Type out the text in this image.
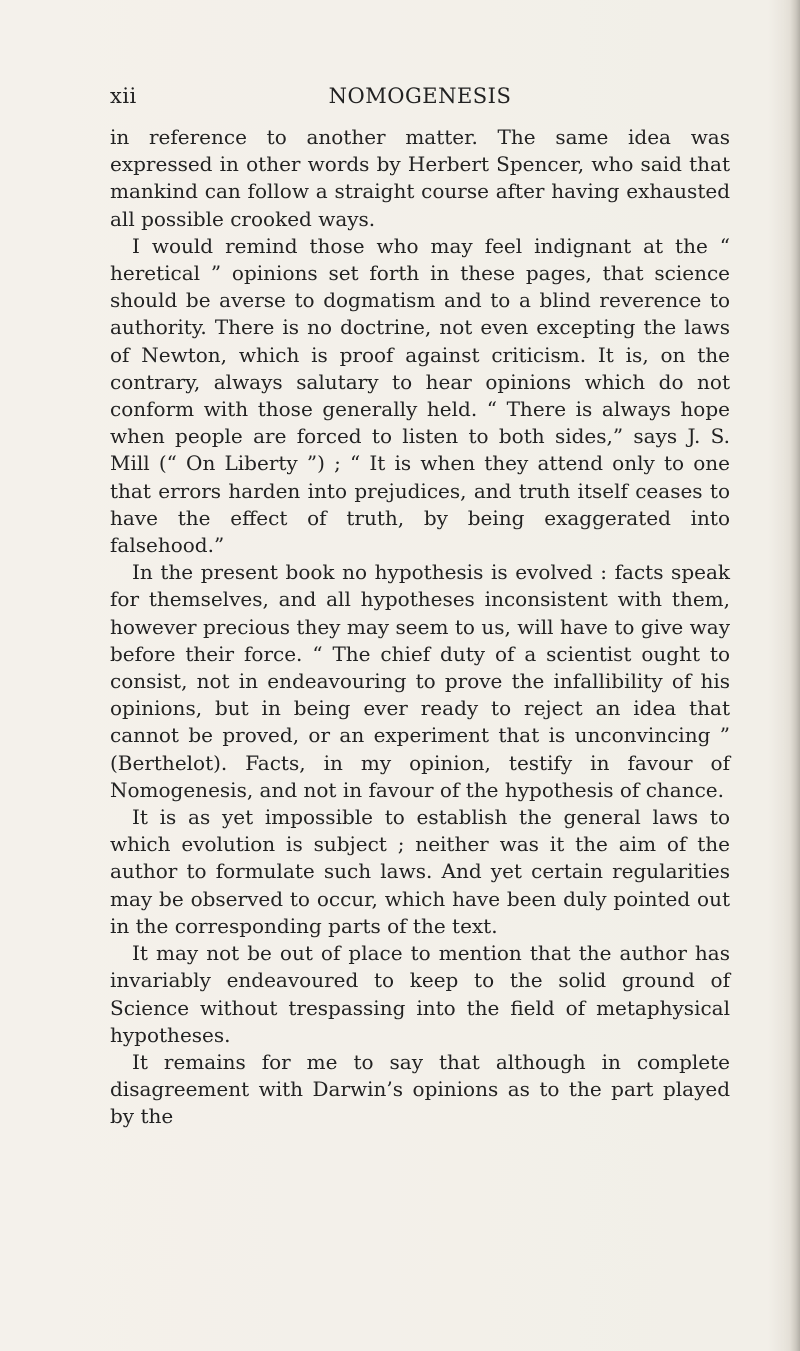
xii	NOMOGENESIS

in reference to another matter. The same idea was expressed in other words by Herbert Spencer, who said that mankind can follow a straight course after having exhausted all possible crooked ways.

I would remind those who may feel indignant at the “ heretical ” opinions set forth in these pages, that science should be averse to dogmatism and to a blind reverence to authority. There is no doctrine, not even excepting the laws of Newton, which is proof against criticism. It is, on the contrary, always salutary to hear opinions which do not conform with those generally held. “ There is always hope when people are forced to listen to both sides,” says J. S. Mill (“ On Liberty ”) ; “ It is when they attend only to one that errors harden into prejudices, and truth itself ceases to have the effect of truth, by being exaggerated into falsehood.”

In the present book no hypothesis is evolved : facts speak for themselves, and all hypotheses inconsistent with them, however precious they may seem to us, will have to give way before their force. “ The chief duty of a scientist ought to consist, not in endeavouring to prove the infallibility of his opinions, but in being ever ready to reject an idea that cannot be proved, or an experiment that is unconvincing ” (Berthelot). Facts, in my opinion, testify in favour of Nomogenesis, and not in favour of the hypothesis of chance.

It is as yet impossible to establish the general laws to which evolution is subject ; neither was it the aim of the author to formulate such laws. And yet certain regularities may be observed to occur, which have been duly pointed out in the corresponding parts of the text.

It may not be out of place to mention that the author has invariably endeavoured to keep to the solid ground of Science without trespassing into the field of metaphysical hypotheses.

It remains for me to say that although in complete disagreement with Darwin’s opinions as to the part played by the
